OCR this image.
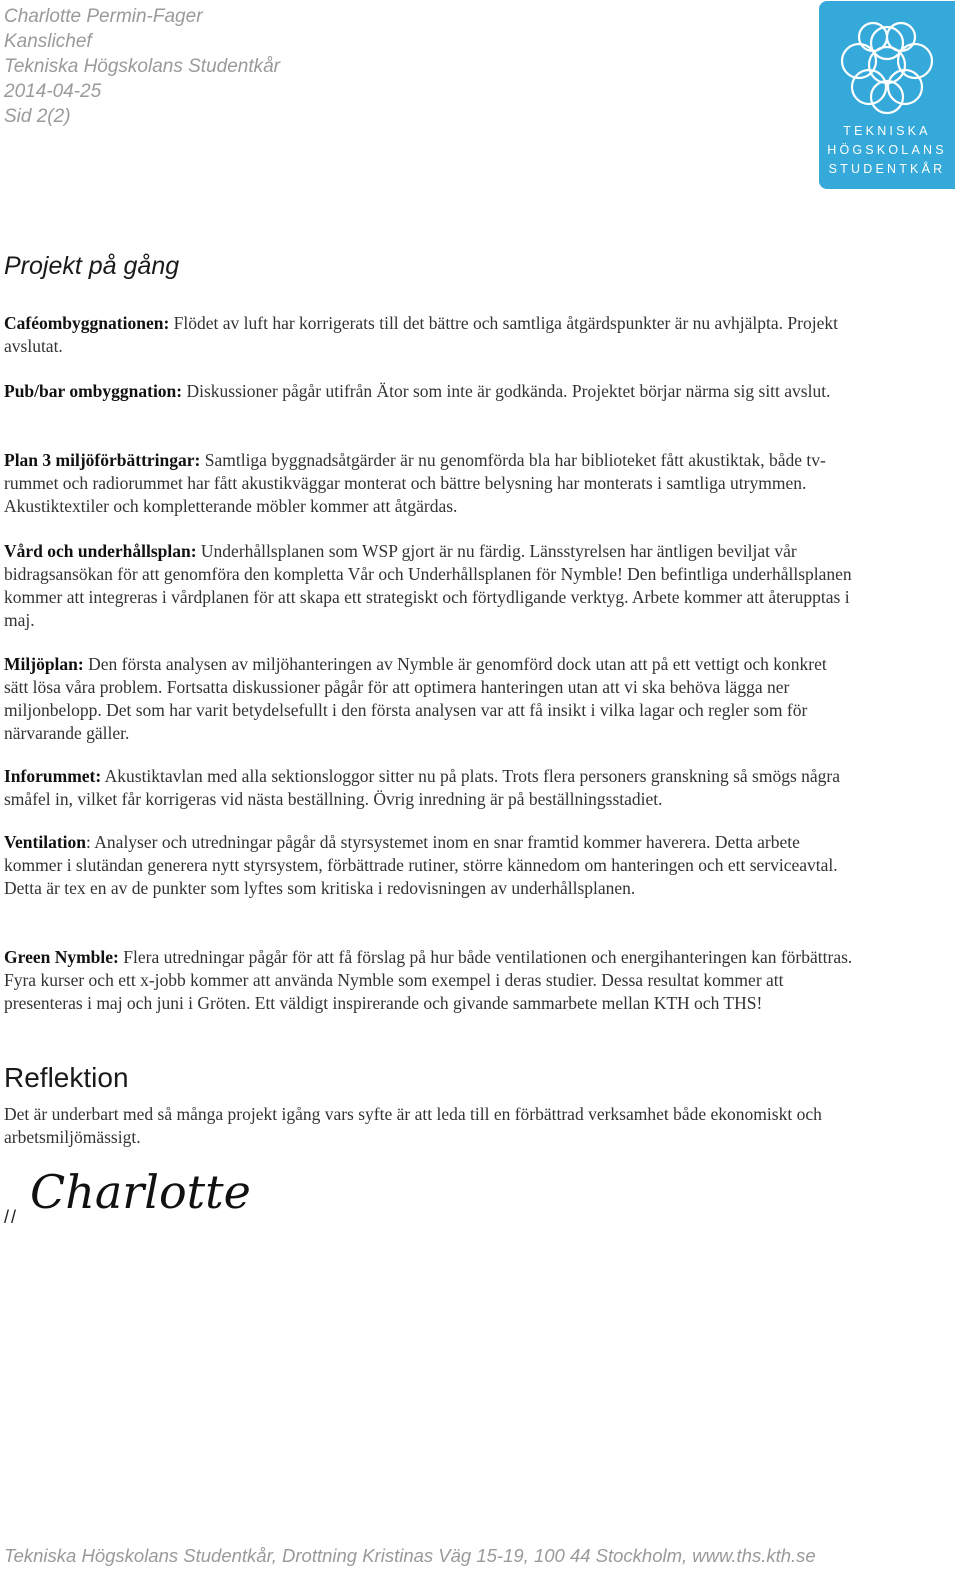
Charlotte Permin-Fager
Kanslichef
Tekniska Högskolans Studentkår
2014-04-25
Sid 2(2)
TEKNISKA
HÖGSKOLANS
STUDENTKÅR
Projekt på gång
Caféombyggnationen: Flödet av luft har korrigerats till det bättre och samtliga åtgärdspunkter är nu avhjälpta. Projekt avslutat.
Pub/bar ombyggnation: Diskussioner pågår utifrån Ätor som inte är godkända. Projektet börjar närma sig sitt avslut.
Plan 3 miljöförbättringar: Samtliga byggnadsåtgärder är nu genomförda bla har biblioteket fått akustiktak, både tv-rummet och radiorummet har fått akustikväggar monterat och bättre belysning har monterats i samtliga utrymmen. Akustiktextiler och kompletterande möbler kommer att åtgärdas.
Vård och underhållsplan: Underhållsplanen som WSP gjort är nu färdig. Länsstyrelsen har äntligen beviljat vår bidragsansökan för att genomföra den kompletta Vår och Underhållsplanen för Nymble! Den befintliga underhållsplanen kommer att integreras i vårdplanen för att skapa ett strategiskt och förtydligande verktyg. Arbete kommer att återupptas i maj.
Miljöplan: Den första analysen av miljöhanteringen av Nymble är genomförd dock utan att på ett vettigt och konkret sätt lösa våra problem. Fortsatta diskussioner pågår för att optimera hanteringen utan att vi ska behöva lägga ner miljonbelopp. Det som har varit betydelsefullt i den första analysen var att få insikt i vilka lagar och regler som för närvarande gäller.
Inforummet: Akustiktavlan med alla sektionsloggor sitter nu på plats. Trots flera personers granskning så smögs några småfel in, vilket får korrigeras vid nästa beställning. Övrig inredning är på beställningsstadiet.
Ventilation: Analyser och utredningar pågår då styrsystemet inom en snar framtid kommer haverera. Detta arbete kommer i slutändan generera nytt styrsystem, förbättrade rutiner, större kännedom om hanteringen och ett serviceavtal. Detta är tex en av de punkter som lyftes som kritiska i redovisningen av underhållsplanen.
Green Nymble: Flera utredningar pågår för att få förslag på hur både ventilationen och energihanteringen kan förbättras. Fyra kurser och ett x-jobb kommer att använda Nymble som exempel i deras studier. Dessa resultat kommer att presenteras i maj och juni i Gröten. Ett väldigt inspirerande och givande sammarbete mellan KTH och THS!
Reflektion
Det är underbart med så många projekt igång vars syfte är att leda till en förbättrad verksamhet både ekonomiskt och arbetsmiljömässigt.
// Charlotte
Tekniska Högskolans Studentkår, Drottning Kristinas Väg 15-19, 100 44 Stockholm, www.ths.kth.se
